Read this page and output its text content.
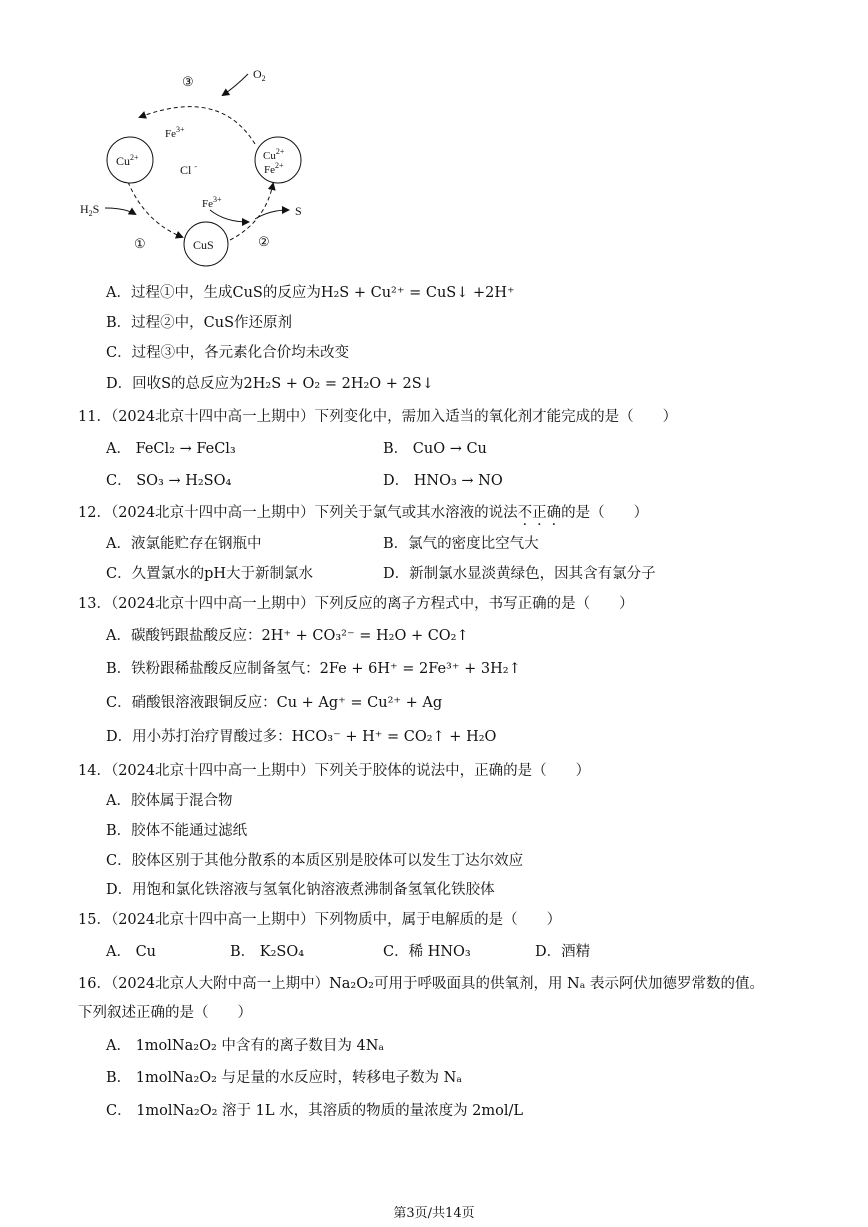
$O_2$
③
$Fe^{3+}$
$Cu^{2+}$
Cl -
$Cu^{2+}$
$Fe^{2+}$
$H_2S$	$Fe^{3+}$
S
①	②
CuS
A．过程①中，生成CuS的反应为H₂S + Cu²⁺ = CuS↓ +2H⁺
B．过程②中，CuS作还原剂
C．过程③中，各元素化合价均未改变
D．回收S的总反应为2H₂S + O₂ = 2H₂O + 2S↓
11．（2024北京十四中高一上期中）下列变化中，需加入适当的氧化剂才能完成的是（　　）
A． FeCl₂ → FeCl₃	B． CuO → Cu
C． SO₃ → H₂SO₄	D． HNO₃ → NO
12．（2024北京十四中高一上期中）下列关于氯气或其水溶液的说法不正确的是（　　）
A．液氯能贮存在钢瓶中	B．氯气的密度比空气大
C．久置氯水的pH大于新制氯水	D．新制氯水显淡黄绿色，因其含有氯分子
13．（2024北京十四中高一上期中）下列反应的离子方程式中，书写正确的是（　　）
A．碳酸钙跟盐酸反应：2H⁺ + CO₃²⁻ = H₂O + CO₂↑
B．铁粉跟稀盐酸反应制备氢气：2Fe + 6H⁺ = 2Fe³⁺ + 3H₂↑
C．硝酸银溶液跟铜反应：Cu + Ag⁺ = Cu²⁺ + Ag
D．用小苏打治疗胃酸过多：HCO₃⁻ + H⁺ = CO₂↑ + H₂O
14．（2024北京十四中高一上期中）下列关于胶体的说法中，正确的是（　　）
A．胶体属于混合物
B．胶体不能通过滤纸
C．胶体区别于其他分散系的本质区别是胶体可以发生丁达尔效应
D．用饱和氯化铁溶液与氢氧化钠溶液煮沸制备氢氧化铁胶体
15．（2024北京十四中高一上期中）下列物质中，属于电解质的是（　　）
A． Cu	B． K₂SO₄	C．稀 HNO₃	D．酒精
16．（2024北京人大附中高一上期中）Na₂O₂可用于呼吸面具的供氧剂，用 Nₐ 表示阿伏加德罗常数的值。
下列叙述正确的是（　　）
A． 1molNa₂O₂ 中含有的离子数目为 4Nₐ
B． 1molNa₂O₂ 与足量的水反应时，转移电子数为 Nₐ
C． 1molNa₂O₂ 溶于 1L 水，其溶质的物质的量浓度为 2mol/L
第3页/共14页
